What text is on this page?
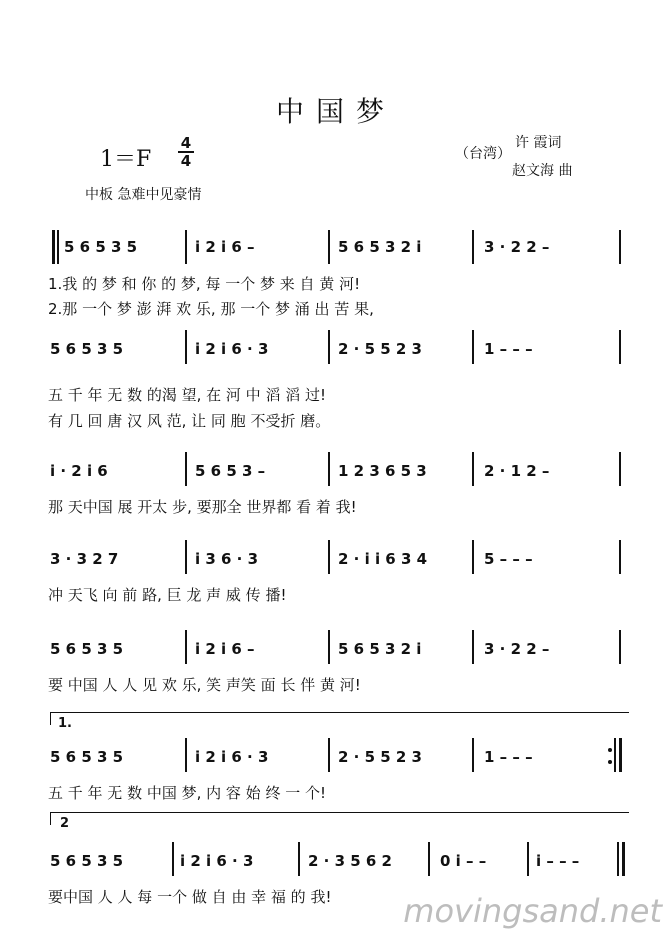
中国梦
1＝F
4
4	（台湾）
许 霞词
赵文海 曲
中板 急难中见豪情
5 6 5 3 5	i 2 i 6 –	5 6 5 3 2 i	3 · 2 2 –
1.我 的 梦 和 你 的 梦, 每 一个 梦 来 自 黄 河!
2.那 一个 梦 澎 湃 欢 乐, 那 一个 梦 涌 出 苦 果,
5 6 5 3 5	i 2 i 6 · 3	2 · 5 5 2 3	1 – – –
五 千 年 无 数 的渴 望, 在 河 中 滔 滔 过!
有 几 回 唐 汉 风 范, 让 同 胞 不受折 磨。
i · 2 i 6	5 6 5 3 –	1 2 3 6 5 3	2 · 1 2 –
那 天中国 展 开太 步, 要那全 世界都 看 着 我!
3 · 3 2 7	i 3 6 · 3	2 · i i 6 3 4	5 – – –
冲 天飞 向 前 路, 巨 龙 声 威 传 播!
5 6 5 3 5	i 2 i 6 –	5 6 5 3 2 i	3 · 2 2 –
要 中国 人 人 见 欢 乐, 笑 声笑 面 长 伴 黄 河!
1.
5 6 5 3 5	i 2 i 6 · 3	2 · 5 5 2 3	1 – – –
五 千 年 无 数 中国 梦, 内 容 始 终 一 个!
2
5 6 5 3 5	i 2 i 6 · 3	2 · 3 5 6 2	0 i – –	i – – –
要中国 人 人 每 一个 做 自 由 幸 福 的 我! movingsand.net
